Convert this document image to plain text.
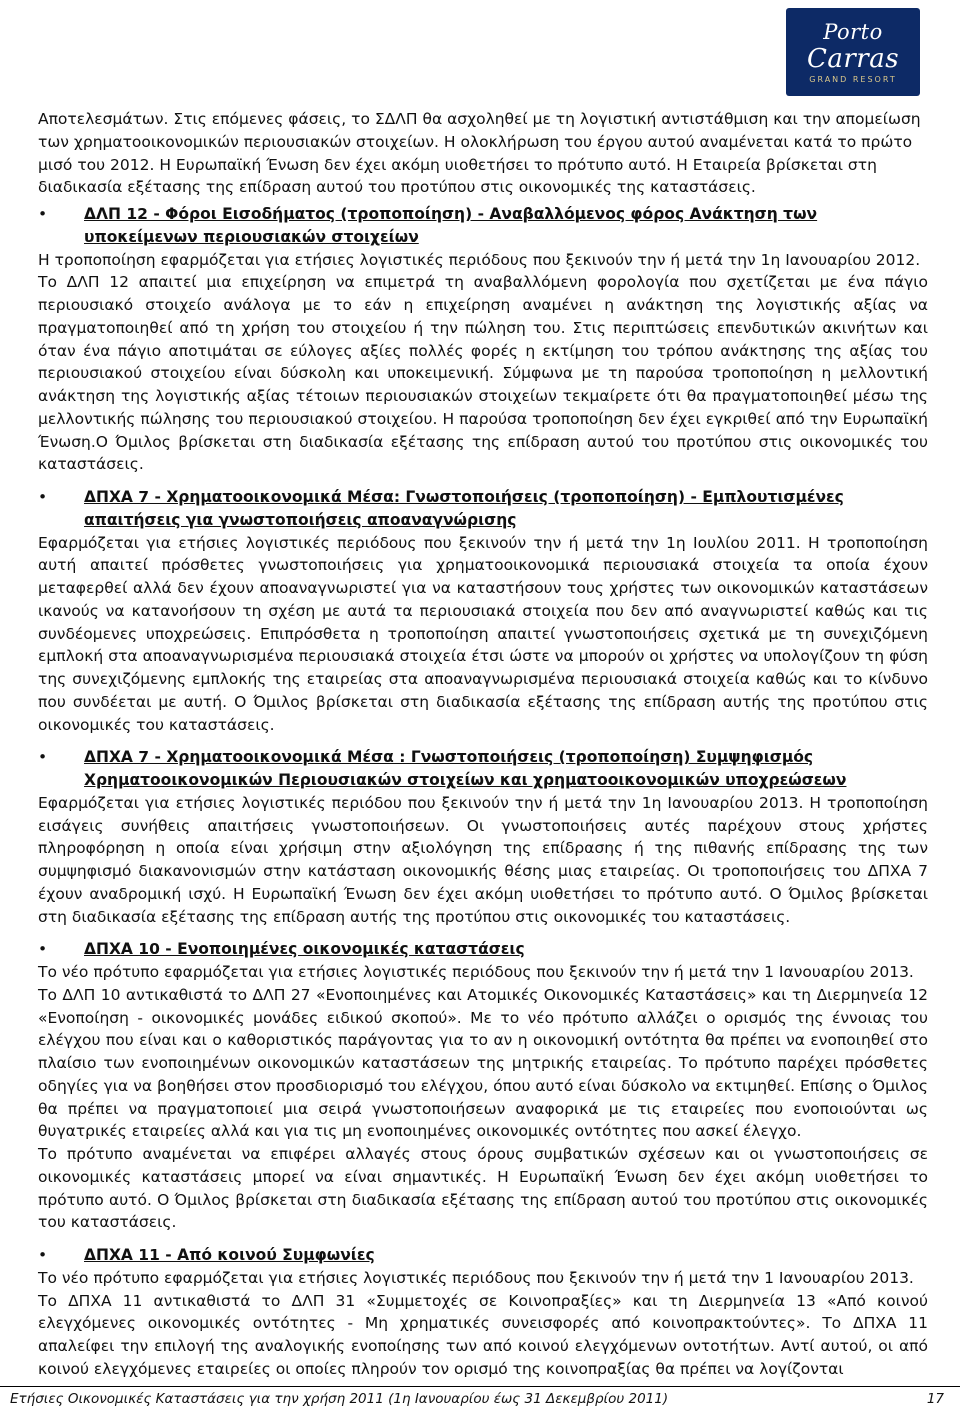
Porto
Carras
GRAND RESORT

Αποτελεσμάτων. Στις επόμενες φάσεις, το ΣΔΛΠ θα ασχοληθεί με τη λογιστική αντιστάθμιση και την απομείωση

των χρηματοοικονομικών περιουσιακών στοιχείων. Η ολοκλήρωση του έργου αυτού αναμένεται κατά το πρώτο

μισό του 2012. Η Ευρωπαϊκή Ένωση δεν έχει ακόμη υιοθετήσει το πρότυπο αυτό. Η Εταιρεία βρίσκεται στη

διαδικασία εξέτασης της επίδραση αυτού του προτύπου στις οικονομικές της καταστάσεις.

• ΔΛΠ 12 - Φόροι Εισοδήματος (τροποποίηση) - Αναβαλλόμενος φόρος Ανάκτηση των
υποκείμενων περιουσιακών στοιχείων

Η τροποποίηση εφαρμόζεται για ετήσιες λογιστικές περιόδους που ξεκινούν την ή μετά την 1η Ιανουαρίου 2012.

Το ΔΛΠ 12 απαιτεί μια επιχείρηση να επιμετρά τη αναβαλλόμενη φορολογία που σχετίζεται με ένα πάγιο περιουσιακό στοιχείο ανάλογα με το εάν η επιχείρηση αναμένει η ανάκτηση της λογιστικής αξίας να πραγματοποιηθεί από τη χρήση του στοιχείου ή την πώληση του. Στις περιπτώσεις επενδυτικών ακινήτων και όταν ένα πάγιο αποτιμάται σε εύλογες αξίες πολλές φορές η εκτίμηση του τρόπου ανάκτησης της αξίας του περιουσιακού στοιχείου είναι δύσκολη και υποκειμενική. Σύμφωνα με τη παρούσα τροποποίηση η μελλοντική ανάκτηση της λογιστικής αξίας τέτοιων περιουσιακών στοιχείων τεκμαίρετε ότι θα πραγματοποιηθεί μέσω της μελλοντικής πώλησης του περιουσιακού στοιχείου. Η παρούσα τροποποίηση δεν έχει εγκριθεί από την Ευρωπαϊκή Ένωση.Ο Όμιλος βρίσκεται στη διαδικασία εξέτασης της επίδραση αυτού του προτύπου στις οικονομικές του καταστάσεις.

• ΔΠΧΑ 7 - Χρηματοοικονομικά Μέσα: Γνωστοποιήσεις (τροποποίηση) - Εμπλουτισμένες
απαιτήσεις για γνωστοποιήσεις αποαναγνώρισης

Εφαρμόζεται για ετήσιες λογιστικές περιόδους που ξεκινούν την ή μετά την 1η Ιουλίου 2011. Η τροποποίηση αυτή απαιτεί πρόσθετες γνωστοποιήσεις για χρηματοοικονομικά περιουσιακά στοιχεία τα οποία έχουν μεταφερθεί αλλά δεν έχουν αποαναγνωριστεί για να καταστήσουν τους χρήστες των οικονομικών καταστάσεων ικανούς να κατανοήσουν τη σχέση με αυτά τα περιουσιακά στοιχεία που δεν από αναγνωριστεί καθώς και τις συνδέομενες υποχρεώσεις. Επιπρόσθετα η τροποποίηση απαιτεί γνωστοποιήσεις σχετικά με τη συνεχιζόμενη εμπλοκή στα αποαναγνωρισμένα περιουσιακά στοιχεία έτσι ώστε να μπορούν οι χρήστες να υπολογίζουν τη φύση της συνεχιζόμενης εμπλοκής της εταιρείας στα αποαναγνωρισμένα περιουσιακά στοιχεία καθώς και το κίνδυνο που συνδέεται με αυτή. Ο Όμιλος βρίσκεται στη διαδικασία εξέτασης της επίδραση αυτής της προτύπου στις οικονομικές του καταστάσεις.

• ΔΠΧΑ 7 - Χρηματοοικονομικά Μέσα : Γνωστοποιήσεις (τροποποίηση) Συμψηφισμός
Χρηματοοικονομικών Περιουσιακών στοιχείων και χρηματοοικονομικών υποχρεώσεων

Εφαρμόζεται για ετήσιες λογιστικές περιόδου που ξεκινούν την ή μετά την 1η Ιανουαρίου 2013. Η τροποποίηση εισάγεις συνήθεις απαιτήσεις γνωστοποιήσεων. Οι γνωστοποιήσεις αυτές παρέχουν στους χρήστες πληροφόρηση η οποία είναι χρήσιμη στην αξιολόγηση της επίδρασης ή της πιθανής επίδρασης της των συμψηφισμό διακανονισμών στην κατάσταση οικονομικής θέσης μιας εταιρείας. Οι τροποποιήσεις του ΔΠΧΑ 7 έχουν αναδρομική ισχύ. Η Ευρωπαϊκή Ένωση δεν έχει ακόμη υιοθετήσει το πρότυπο αυτό. Ο Όμιλος βρίσκεται στη διαδικασία εξέτασης της επίδραση αυτής της προτύπου στις οικονομικές του καταστάσεις.

• ΔΠΧΑ 10 - Ενοποιημένες οικονομικές καταστάσεις

Το νέο πρότυπο εφαρμόζεται για ετήσιες λογιστικές περιόδους που ξεκινούν την ή μετά την 1 Ιανουαρίου 2013.

Το ΔΛΠ 10 αντικαθιστά το ΔΛΠ 27 «Ενοποιημένες και Ατομικές Οικονομικές Καταστάσεις» και τη Διερμηνεία 12 «Ενοποίηση - οικονομικές μονάδες ειδικού σκοπού». Με το νέο πρότυπο αλλάζει ο ορισμός της έννοιας του ελέγχου που είναι και ο καθοριστικός παράγοντας για το αν η οικονομική οντότητα θα πρέπει να ενοποιηθεί στο πλαίσιο των ενοποιημένων οικονομικών καταστάσεων της μητρικής εταιρείας. Το πρότυπο παρέχει πρόσθετες οδηγίες για να βοηθήσει στον προσδιορισμό του ελέγχου, όπου αυτό είναι δύσκολο να εκτιμηθεί. Επίσης ο Όμιλος θα πρέπει να πραγματοποιεί μια σειρά γνωστοποιήσεων αναφορικά με τις εταιρείες που ενοποιούνται ως θυγατρικές εταιρείες αλλά και για τις μη ενοποιημένες οικονομικές οντότητες που ασκεί έλεγχο.

Το πρότυπο αναμένεται να επιφέρει αλλαγές στους όρους συμβατικών σχέσεων και οι γνωστοποιήσεις σε οικονομικές καταστάσεις μπορεί να είναι σημαντικές. Η Ευρωπαϊκή Ένωση δεν έχει ακόμη υιοθετήσει το πρότυπο αυτό. Ο Όμιλος βρίσκεται στη διαδικασία εξέτασης της επίδραση αυτού του προτύπου στις οικονομικές του καταστάσεις.

• ΔΠΧΑ 11 - Από κοινού Συμφωνίες

Το νέο πρότυπο εφαρμόζεται για ετήσιες λογιστικές περιόδους που ξεκινούν την ή μετά την 1 Ιανουαρίου 2013.

Το ΔΠΧΑ 11 αντικαθιστά το ΔΛΠ 31 «Συμμετοχές σε Κοινοπραξίες» και τη Διερμηνεία 13 «Από κοινού ελεγχόμενες οικονομικές οντότητες - Μη χρηματικές συνεισφορές από κοινοπρακτούντες». Το ΔΠΧΑ 11 απαλείφει την επιλογή της αναλογικής ενοποίησης των από κοινού ελεγχόμενων οντοτήτων. Αντί αυτού, οι από κοινού ελεγχόμενες εταιρείες οι οποίες πληρούν τον ορισμό της κοινοπραξίας θα πρέπει να λογίζονται

Ετήσιες Οικονομικές Καταστάσεις για την χρήση 2011 (1η Ιανουαρίου έως 31 Δεκεμβρίου 2011)	17
